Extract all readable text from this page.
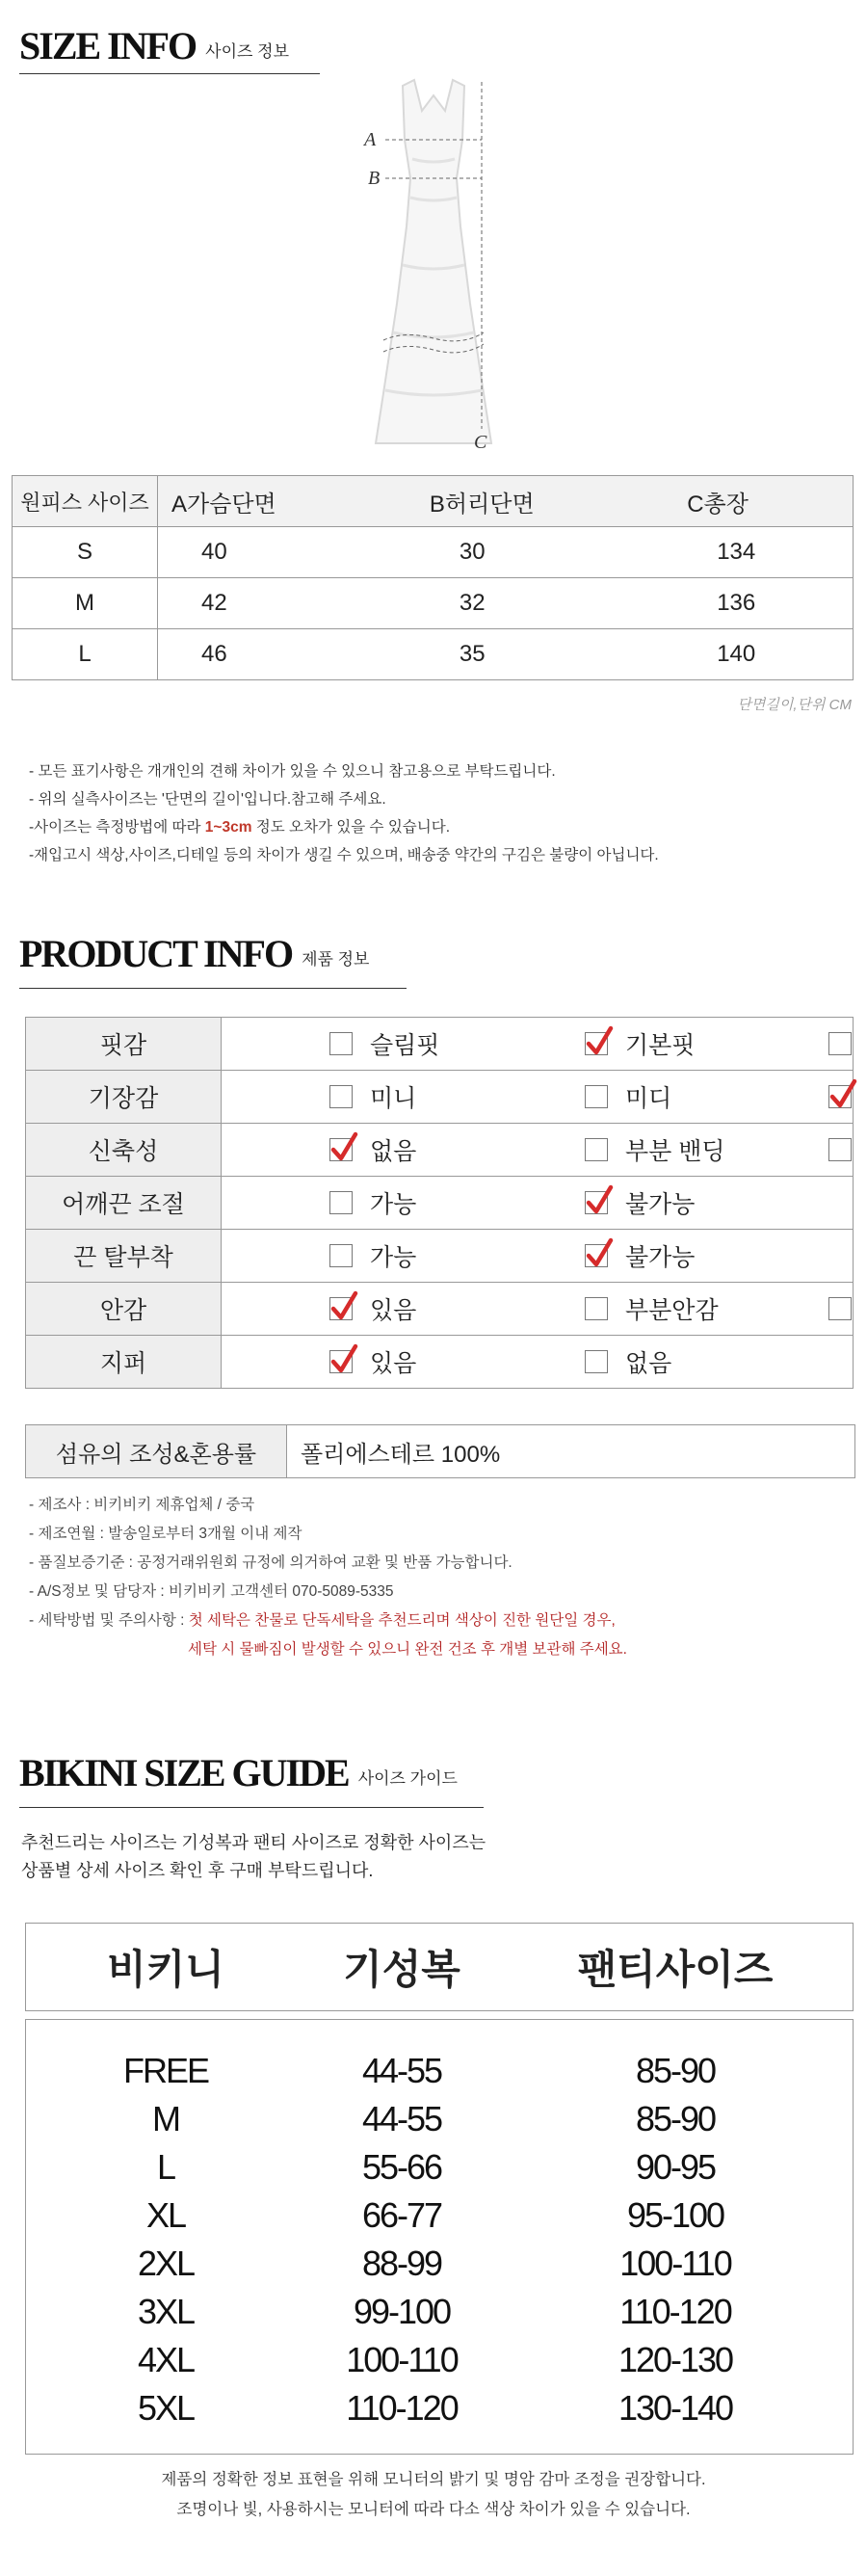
SIZE INFO 사이즈 정보
A
B
C
원피스 사이즈	A가슴단면	B허리단면	C총장
S	40	30	134
M	42	32	136
L	46	35	140
단면길이,단위 CM
- 모든 표기사항은 개개인의 견해 차이가 있을 수 있으니 참고용으로 부탁드립니다.
- 위의 실측사이즈는 '단면의 길이'입니다.참고해 주세요.
-사이즈는 측정방법에 따라 1~3cm 정도 오차가 있을 수 있습니다.
-재입고시 색상,사이즈,디테일 등의 차이가 생길 수 있으며, 배송중 약간의 구김은 불량이 아닙니다.
PRODUCT INFO 제품 정보
핏감	슬림핏 기본핏

기장감	미니 미디

신축성	없음 부분 밴딩

어깨끈 조절	가능 불가능

끈 탈부착	가능 불가능

안감	있음 부분안감

지퍼	있음 없음
섬유의 조성&혼용률	폴리에스테르 100%
- 제조사 : 비키비키 제휴업체 / 중국
- 제조연월 : 발송일로부터 3개월 이내 제작
- 품질보증기준 : 공정거래위원회 규정에 의거하여 교환 및 반품 가능합니다.
- A/S정보 및 담당자 : 비키비키 고객센터 070-5089-5335
- 세탁방법 및 주의사항 : 첫 세탁은 찬물로 단독세탁을 추천드리며 색상이 진한 원단일 경우,
세탁 시 물빠짐이 발생할 수 있으니 완전 건조 후 개별 보관해 주세요.
BIKINI SIZE GUIDE 사이즈 가이드
추천드리는 사이즈는 기성복과 팬티 사이즈로 정확한 사이즈는
상품별 상세 사이즈 확인 후 구매 부탁드립니다.
비키니	기성복	팬티사이즈
FREE	44-55	85-90
M	44-55	85-90
L	55-66	90-95
XL	66-77	95-100
2XL	88-99	100-110
3XL	99-100	110-120
4XL	100-110	120-130
5XL	110-120	130-140
제품의 정확한 정보 표현을 위해 모니터의 밝기 및 명암 감마 조정을 권장합니다.
조명이나 빛, 사용하시는 모니터에 따라 다소 색상 차이가 있을 수 있습니다.
